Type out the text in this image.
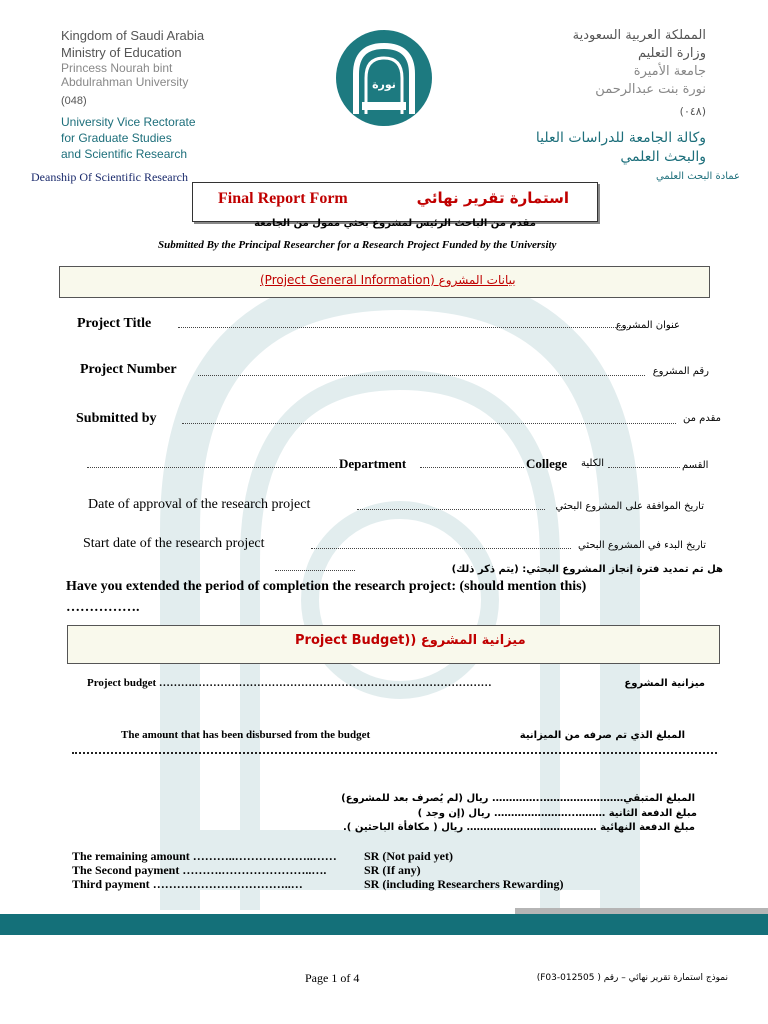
Kingdom of Saudi Arabia
Ministry of Education
Princess Nourah bint
Abdulrahman University
(048)
University Vice Rectorate
for Graduate Studies
and Scientific Research
نورة
المملكة العربية السعودية
وزارة التعليم
جامعة الأميرة
نورة بنت عبدالرحمن
(٠٤٨)
وكالة الجامعة للدراسات العليا
والبحث العلمي
Deanship Of Scientific Research	عمادة البحث العلمي
Final Report Form	استمارة تقرير نهائي
مقدم من الباحث الرئيس لمشروع بحثي ممول من الجامعة
Submitted By the Principal Researcher for a Research Project Funded by the University
(Project General Information) بيانات المشروع
Project Title	عنوان المشروع
Project Number	رقم المشروع
Submitted by	مقدم من
Department	College الكلية	القسم
Date of approval of the research project	تاريخ الموافقة على المشروع البحثي
Start date of the research project	تاريخ البدء في المشروع البحثي
هل تم تمديد فترة إنجاز المشروع البحثي: (يتم ذكر ذلك)
Have you extended the period of completion the research project: (should mention this)
…………….
Project Budget)) ميزانية المشروع
Project budget ……….………………………………………………………………………	ميزانية المشروع
The amount that has been disbursed from the budget	المبلغ الذي تم صرفه من الميزانية
المبلغ المتبقي……………………..…………. ريال (لم يُصرف بعد للمشروع)
مبلغ الدفعة الثانية ………..…………………. ريال (إن وجد )
مبلغ الدفعة النهائية ………………………………… ريال ( مكافأة الباحثين ).
The remaining amount ………..………………..…… SR (Not paid yet)
The Second payment ……….…………………..….	SR (If any)
Third payment ……………………………..…	SR (including Researchers Rewarding)
Page 1 of 4	نموذج استمارة تقرير نهائي – رقم ( F03-012505)
